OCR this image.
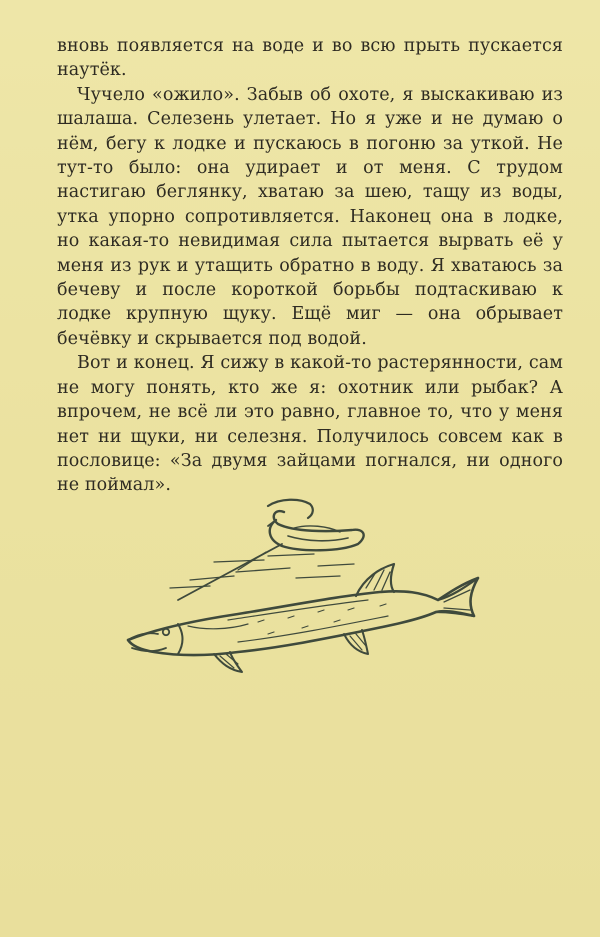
вновь появляется на воде и во всю прыть пускается наутёк.

Чучело «ожило». Забыв об охоте, я выскакиваю из шалаша. Селезень улетает. Но я уже и не думаю о нём, бегу к лодке и пускаюсь в погоню за уткой. Не тут-то было: она удирает и от меня. С трудом настигаю беглянку, хватаю за шею, тащу из воды, утка упорно сопротивляется. Наконец она в лодке, но какая-то невидимая сила пытается вырвать её у меня из рук и утащить обратно в воду. Я хватаюсь за бечеву и после короткой борьбы подтаскиваю к лодке крупную щуку. Ещё миг — она обрывает бечёвку и скрывается под водой.

Вот и конец. Я сижу в какой-то растерянности, сам не могу понять, кто же я: охотник или рыбак? А впрочем, не всё ли это равно, главное то, что у меня нет ни щуки, ни селезня. Получилось совсем как в пословице: «За двумя зайцами погнался, ни одного не поймал».
